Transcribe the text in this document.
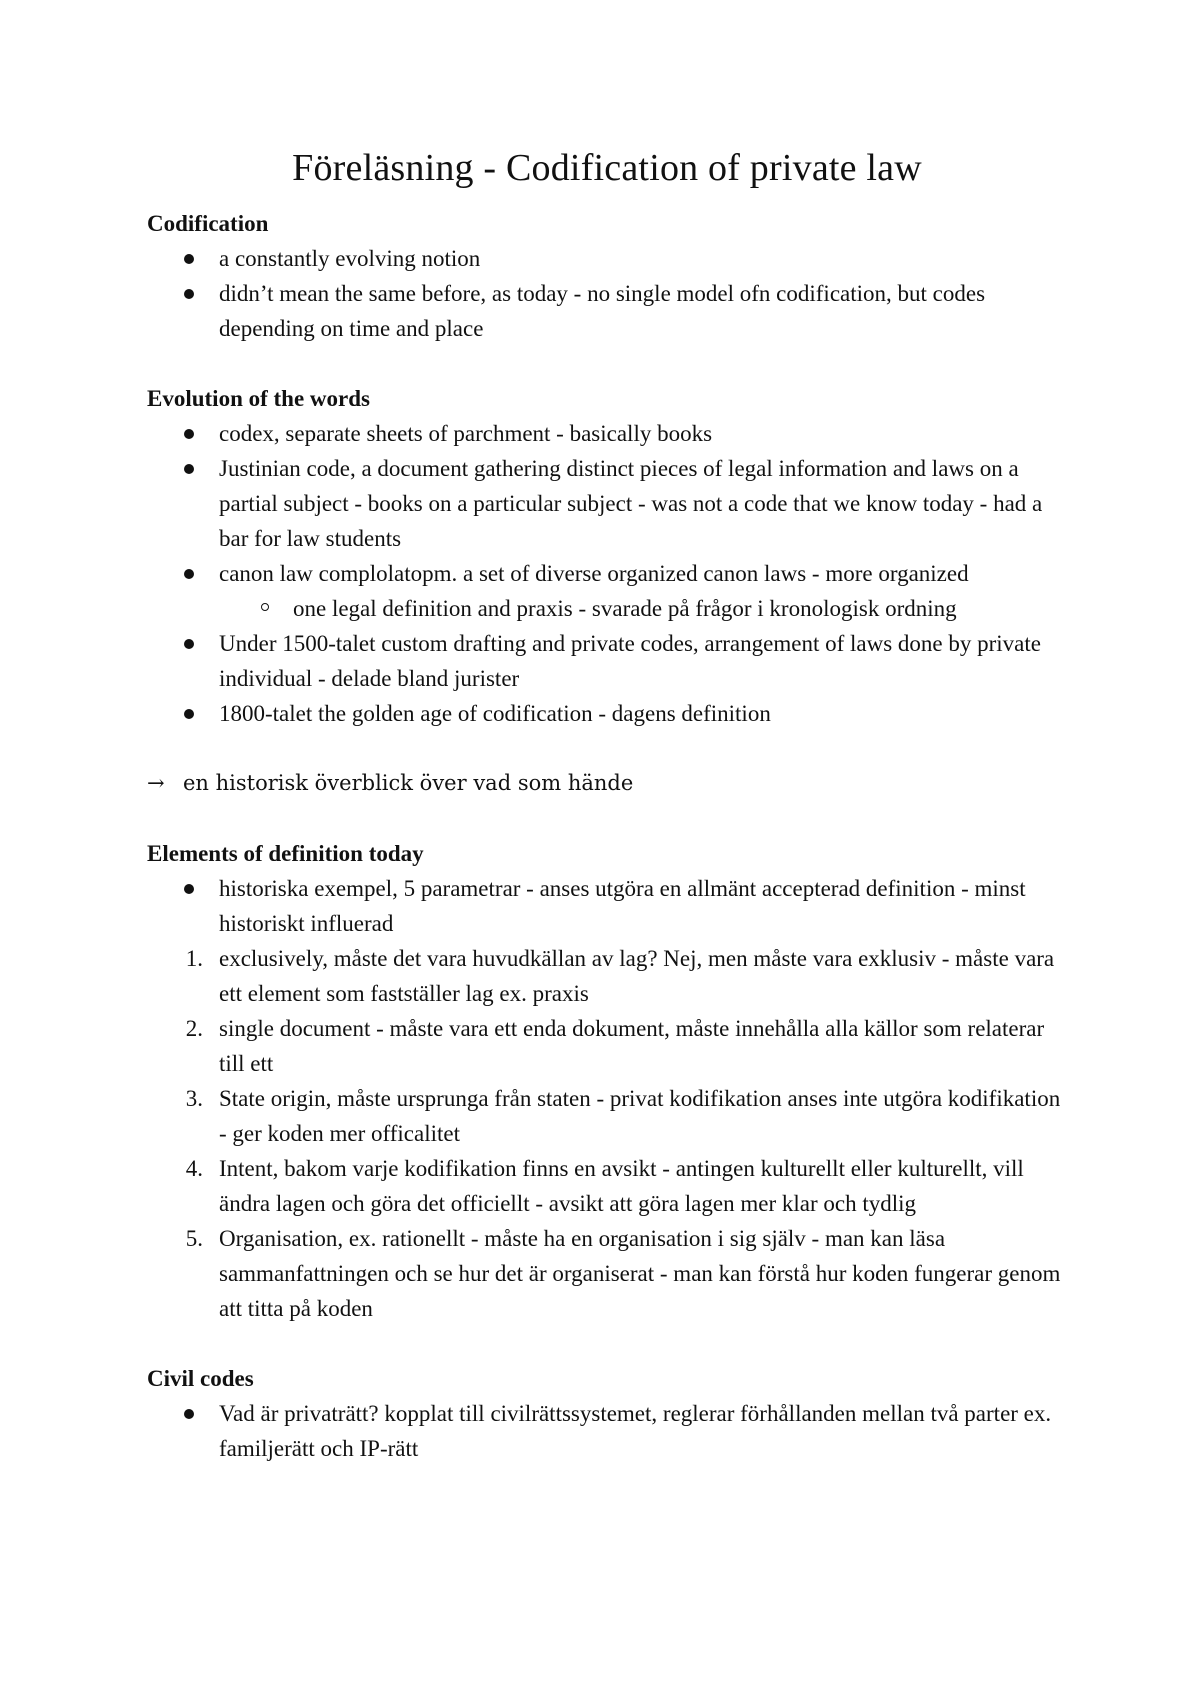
Föreläsning - Codification of private law

Codification

a constantly evolving notion
didn’t mean the same before, as today - no single model ofn codification, but codes depending on time and place

Evolution of the words

codex, separate sheets of parchment - basically books
Justinian code, a document gathering distinct pieces of legal information and laws on a partial subject - books on a particular subject - was not a code that we know today - had a bar for law students
canon law complolatopm. a set of diverse organized canon laws - more organized
one legal definition and praxis - svarade på frågor i kronologisk ordning
Under 1500-talet custom drafting and private codes, arrangement of laws done by private individual - delade bland jurister
1800-talet the golden age of codification - dagens definition

→ en historisk överblick över vad som hände

Elements of definition today

historiska exempel, 5 parametrar - anses utgöra en allmänt accepterad definition - minst historiskt influerad
1. exclusively, måste det vara huvudkällan av lag? Nej, men måste vara exklusiv - måste vara ett element som fastställer lag ex. praxis
2. single document - måste vara ett enda dokument, måste innehålla alla källor som relaterar till ett
3. State origin, måste ursprunga från staten - privat kodifikation anses inte utgöra kodifikation - ger koden mer officalitet
4. Intent, bakom varje kodifikation finns en avsikt - antingen kulturellt eller kulturellt, vill ändra lagen och göra det officiellt - avsikt att göra lagen mer klar och tydlig
5. Organisation, ex. rationellt - måste ha en organisation i sig själv - man kan läsa sammanfattningen och se hur det är organiserat - man kan förstå hur koden fungerar genom att titta på koden

Civil codes

Vad är privaträtt? kopplat till civilrättssystemet, reglerar förhållanden mellan två parter ex. familjerätt och IP-rätt
